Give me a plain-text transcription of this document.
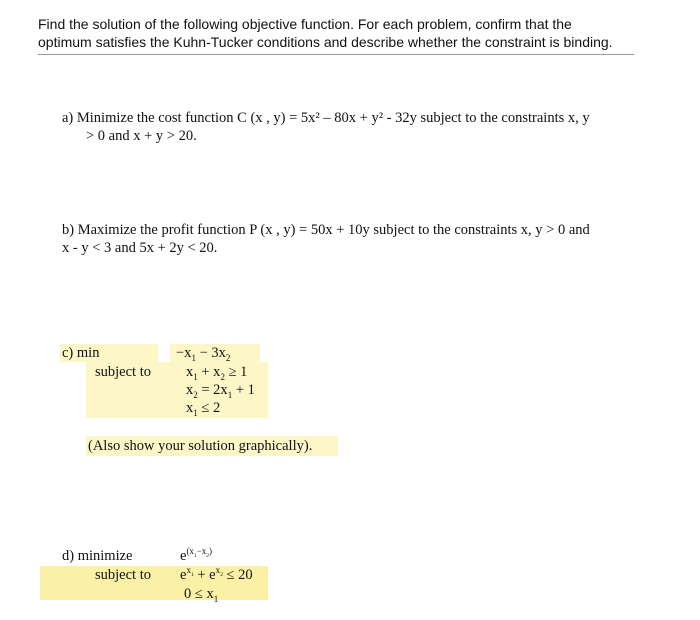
Find the solution of the following objective function. For each problem, confirm that the
optimum satisfies the Kuhn-Tucker conditions and describe whether the constraint is binding.
a) Minimize the cost function C (x , y) = 5x² – 80x + y² - 32y subject to the constraints x, y
> 0 and x + y > 20.
b) Maximize the profit function P (x , y) = 50x + 10y subject to the constraints x, y > 0 and
x - y < 3 and 5x + 2y < 20.
c) min
subject to
$-x_1 - 3x_2$
$x_1 + x_2 \ge 1$
$x_2 = 2x_1 + 1$
$x_1 \le 2$
(Also show your solution graphically).
d) minimize
subject to
$e^{(x_1-x_2)}$
$e^{x_1} + e^{x_2} \le 20$
$0 \le x_1$
